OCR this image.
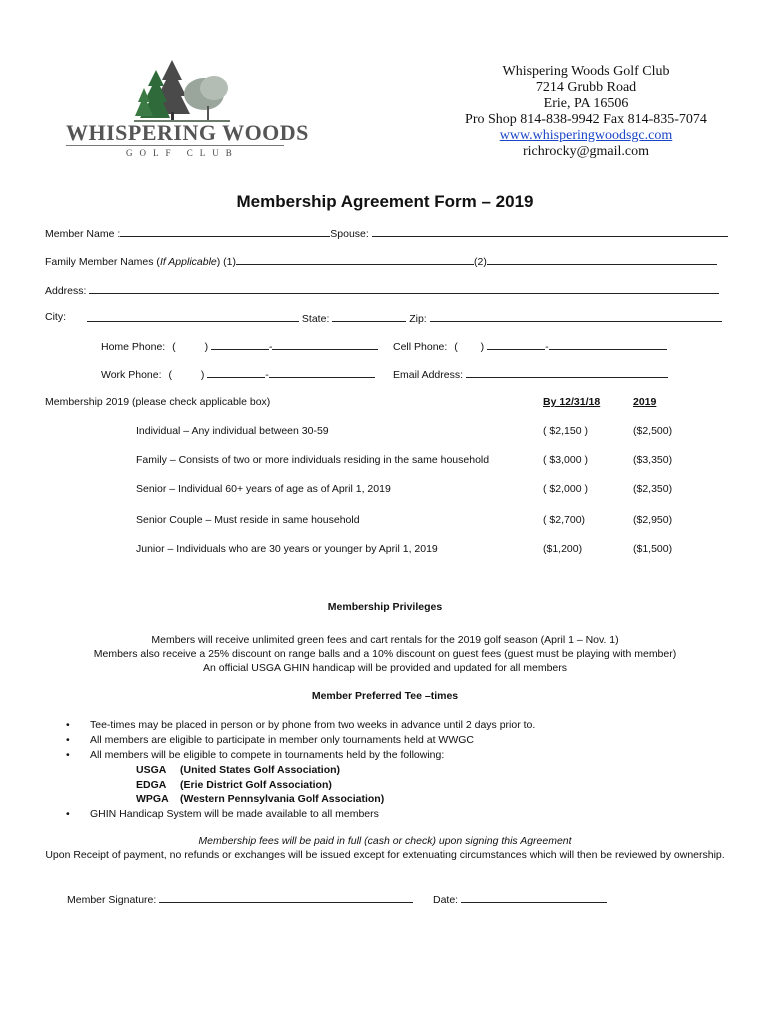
WHISPERING WOODS
GOLF CLUB
Whispering Woods Golf Club
7214 Grubb Road
Erie, PA 16506
Pro Shop 814-838-9942 Fax 814-835-7074
www.whisperingwoodsgc.com
richrocky@gmail.com
Membership Agreement Form – 2019
Member Name :	Spouse:
Family Member Names (If Applicable) (1)	(2)
Address:
City:	State:	Zip:
Home Phone: (	)	-	Cell Phone: ( )	-
Work Phone: (	)	-	Email Address:
Membership 2019 (please check applicable box)	By 12/31/18	2019
Individual – Any individual between 30-59	( $2,150 )	($2,500)
Family – Consists of two or more individuals residing in the same household	( $3,000 )	($3,350)
Senior – Individual 60+ years of age as of April 1, 2019	( $2,000 )	($2,350)
Senior Couple – Must reside in same household	( $2,700)	($2,950)
Junior – Individuals who are 30 years or younger by April 1, 2019	($1,200)	($1,500)
Membership Privileges
Members will receive unlimited green fees and cart rentals for the 2019 golf season (April 1 – Nov. 1)
Members also receive a 25% discount on range balls and a 10% discount on guest fees (guest must be playing with member)
An official USGA GHIN handicap will be provided and updated for all members
Member Preferred Tee –times
• Tee-times may be placed in person or by phone from two weeks in advance until 2 days prior to.
• All members are eligible to participate in member only tournaments held at WWGC
• All members will be eligible to compete in tournaments held by the following:
USGA (United States Golf Association)
EDGA (Erie District Golf Association)
WPGA (Western Pennsylvania Golf Association)
• GHIN Handicap System will be made available to all members
Membership fees will be paid in full (cash or check) upon signing this Agreement
Upon Receipt of payment, no refunds or exchanges will be issued except for extenuating circumstances which will then be reviewed by ownership.
Member Signature:	Date:
